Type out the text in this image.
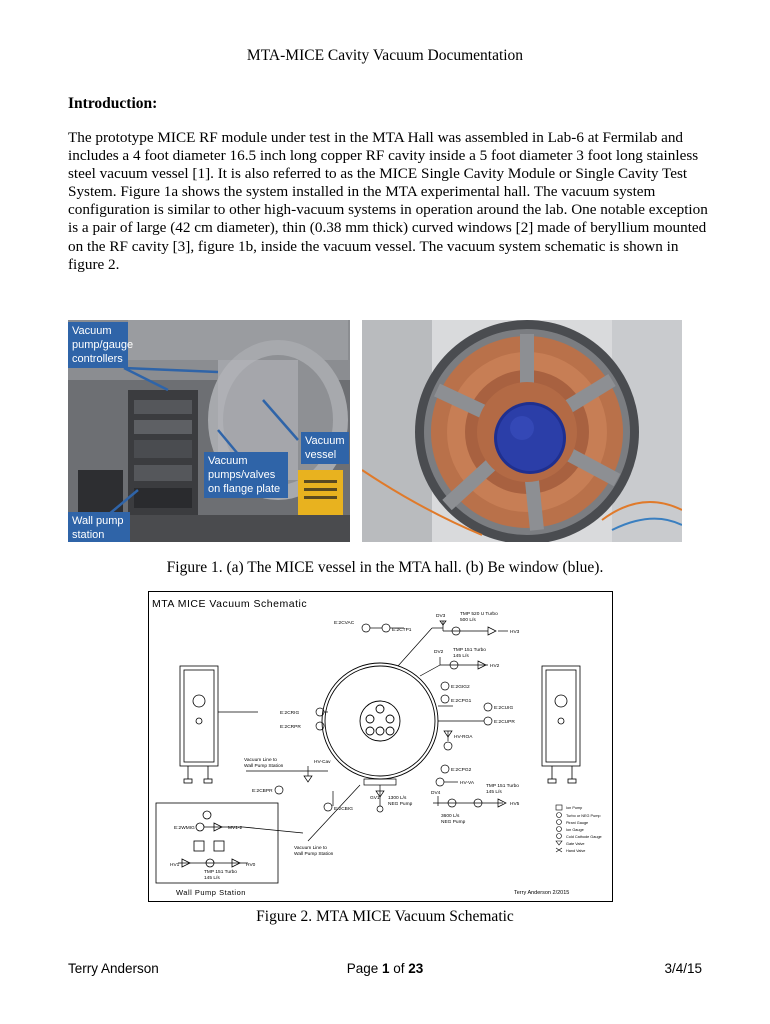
MTA-MICE Cavity Vacuum Documentation
Introduction:
The prototype MICE RF module under test in the MTA Hall was assembled in Lab-6 at Fermilab and includes a 4 foot diameter 16.5 inch long copper RF cavity inside a 5 foot diameter 3 foot long stainless steel vacuum vessel [1]. It is also referred to as the MICE Single Cavity Module or Single Cavity Test System. Figure 1a shows the system installed in the MTA experimental hall. The vacuum system configuration is similar to other high-vacuum systems in operation around the lab. One notable exception is a pair of large (42 cm diameter), thin (0.38 mm thick) curved windows [2] made of beryllium mounted on the RF cavity [3], figure 1b, inside the vacuum vessel. The vacuum system schematic is shown in figure 2.
Vacuum pump/gauge controllers
Vacuum vessel
Vacuum pumps/valves on flange plate
Wall pump station
Figure 1. (a) The MICE vessel in the MTA hall. (b) Be window (blue).
MTA MICE Vacuum Schematic
E:2CVAC
E:2CTP1
DV3	TMP 520 U Turbo
500 L/s
HV3
DV2 TMP 151 Turbo
145 L/s
HV2
E:2GIG2
E:2CPG1
E:2CUIG
E:2CUPR
E:2CRIG
E:2CRPR
HV-ROA
E:2CPG2
HV-VA
DV4
TMP 151 Turbo
145 L/s
HV5
3600 L/s
NEG Pump
GV1 1300 L/s
NEG Pump
E:2CBIG
HV-Cav
E:2CBPR
Vacuum Line to
Wall Pump Station
Vacuum Line to
Wall Pump Station
E:2WMIG	MV1-2
HV1	HV0
TMP 151 Turbo
145 L/s
Wall Pump Station
Ion Pump
Turbo or NEG Pump
Pirani Gauge
Ion Gauge
Cold Cathode Gauge
Gate Valve
Hand Valve
Terry Anderson 2/2015
Figure 2. MTA MICE Vacuum Schematic
Terry Anderson	Page 1 of 23	3/4/15
